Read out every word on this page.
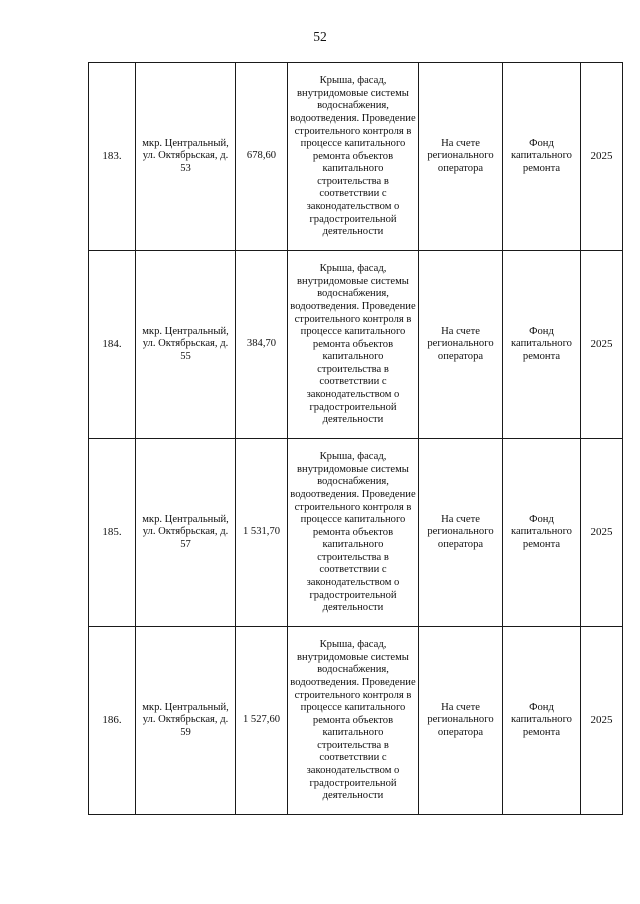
52
183.	мкр. Центральный, ул. Октябрьская, д. 53	678,60	Крыша, фасад, внутридомовые системы водоснабжения, водоотведения. Проведение строительного контроля в процессе капитального ремонта объектов капитального строительства в соответствии с законодательством о градостроительной деятельности	На счете регионального оператора	Фонд капитального ремонта	2025
184.	мкр. Центральный, ул. Октябрьская, д. 55	384,70	Крыша, фасад, внутридомовые системы водоснабжения, водоотведения. Проведение строительного контроля в процессе капитального ремонта объектов капитального строительства в соответствии с законодательством о градостроительной деятельности	На счете регионального оператора	Фонд капитального ремонта	2025
185.	мкр. Центральный, ул. Октябрьская, д. 57	1 531,70	Крыша, фасад, внутридомовые системы водоснабжения, водоотведения. Проведение строительного контроля в процессе капитального ремонта объектов капитального строительства в соответствии с законодательством о градостроительной деятельности	На счете регионального оператора	Фонд капитального ремонта	2025
186.	мкр. Центральный, ул. Октябрьская, д. 59	1 527,60	Крыша, фасад, внутридомовые системы водоснабжения, водоотведения. Проведение строительного контроля в процессе капитального ремонта объектов капитального строительства в соответствии с законодательством о градостроительной деятельности	На счете регионального оператора	Фонд капитального ремонта	2025
